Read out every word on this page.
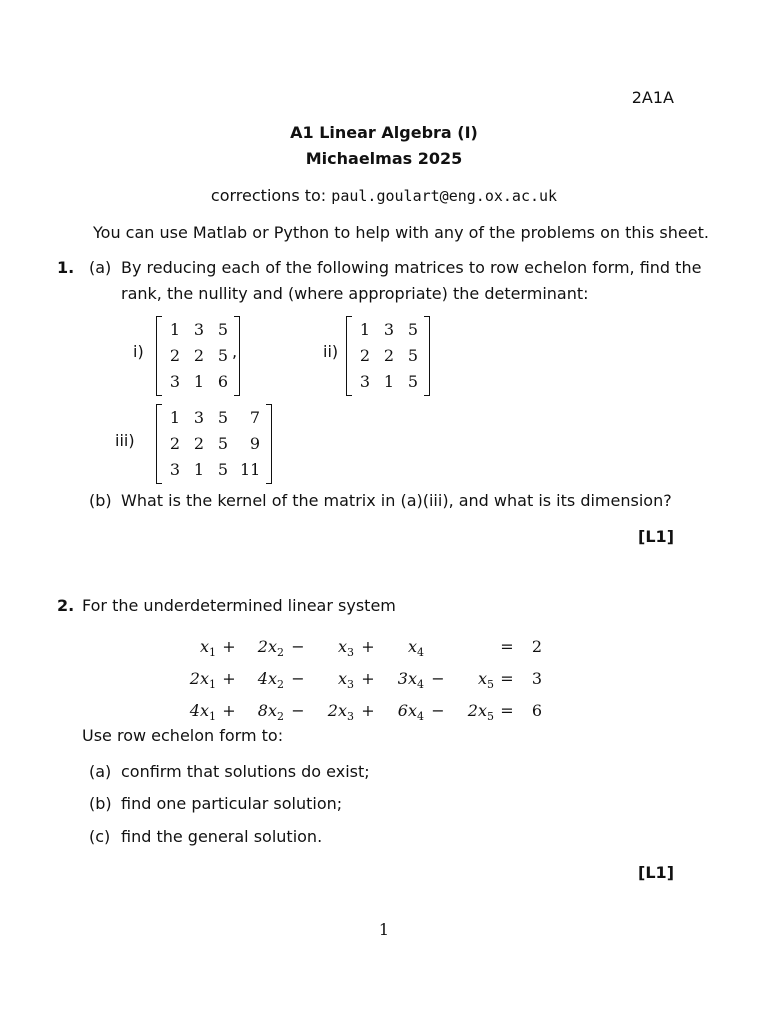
2A1A
A1 Linear Algebra (I)
Michaelmas 2025
corrections to: paul.goulart@eng.ox.ac.uk
You can use Matlab or Python to help with any of the problems on this sheet.
1. (a) By reducing each of the following matrices to row echelon form, find the
rank, the nullity and (where appropriate) the determinant:
i)
1 3 5
2 2 5
3 1 6
,	ii)
1 3 5
2 2 5
3 1 5
iii)
1 3 5	7
2 2 5	9
3 1 5 11
(b) What is the kernel of the matrix in (a)(iii), and what is its dimension?
[L1]
2. For the underdetermined linear system
$x_1$ +	$2x_2$ −	$x_3$ +	$x_4$	=	2
$2x_1$ +	$4x_2$ −	$x_3$ +	$3x_4$ −	$x_5$ =	3
$4x_1$ +	$8x_2$ −	$2x_3$ +	$6x_4$ −	$2x_5$ =	6
Use row echelon form to:
(a) confirm that solutions do exist;
(b) find one particular solution;
(c) find the general solution.
[L1]
1
